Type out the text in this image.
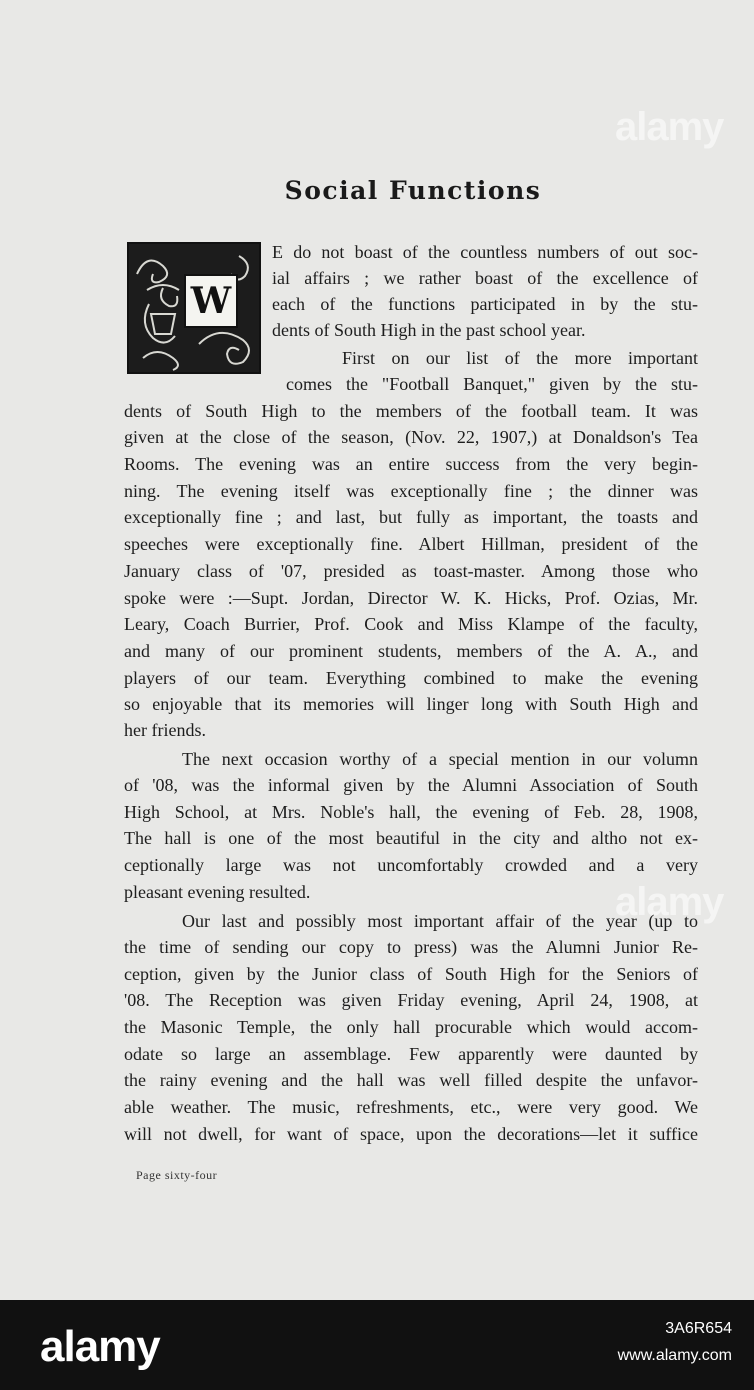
alamy
alamy
Social Functions
W
E do not boast of the countless numbers of out soc-
ial affairs ; we rather boast of the excellence of
each of the functions participated in by the stu-
dents of South High in the past school year.
First on our list of the more important
comes the "Football Banquet," given by the stu-
dents of South High to the members of the football team. It was
given at the close of the season, (Nov. 22, 1907,) at Donaldson's Tea
Rooms. The evening was an entire success from the very begin-
ning. The evening itself was exceptionally fine ; the dinner was
exceptionally fine ; and last, but fully as important, the toasts and
speeches were exceptionally fine. Albert Hillman, president of the
January class of '07, presided as toast-master. Among those who
spoke were :—Supt. Jordan, Director W. K. Hicks, Prof. Ozias, Mr.
Leary, Coach Burrier, Prof. Cook and Miss Klampe of the faculty,
and many of our prominent students, members of the A. A., and
players of our team. Everything combined to make the evening
so enjoyable that its memories will linger long with South High and
her friends.
The next occasion worthy of a special mention in our volumn
of '08, was the informal given by the Alumni Association of South
High School, at Mrs. Noble's hall, the evening of Feb. 28, 1908,
The hall is one of the most beautiful in the city and altho not ex-
ceptionally large was not uncomfortably crowded and a very
pleasant evening resulted.
Our last and possibly most important affair of the year (up to
the time of sending our copy to press) was the Alumni Junior Re-
ception, given by the Junior class of South High for the Seniors of
'08. The Reception was given Friday evening, April 24, 1908, at
the Masonic Temple, the only hall procurable which would accom-
odate so large an assemblage. Few apparently were daunted by
the rainy evening and the hall was well filled despite the unfavor-
able weather. The music, refreshments, etc., were very good. We
will not dwell, for want of space, upon the decorations—let it suffice
Page sixty-four
alamy	3A6R654
www.alamy.com
